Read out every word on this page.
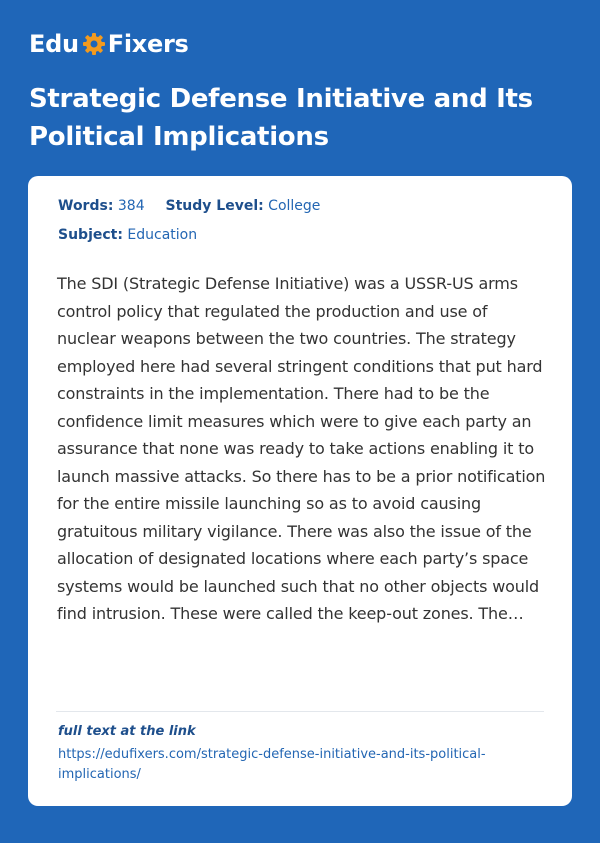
Edu Fixers
Strategic Defense Initiative and Its Political Implications
Words: 384 Study Level: College
Subject: Education

The SDI (Strategic Defense Initiative) was a USSR-US arms control policy that regulated the production and use of nuclear weapons between the two countries. The strategy employed here had several stringent conditions that put hard constraints in the implementation. There had to be the confidence limit measures which were to give each party an assurance that none was ready to take actions enabling it to launch massive attacks. So there has to be a prior notification for the entire missile launching so as to avoid causing gratuitous military vigilance. There was also the issue of the allocation of designated locations where each party’s space systems would be launched such that no other objects would find intrusion. These were called the keep-out zones. The…

full text at the link
https://edufixers.com/strategic-defense-initiative-and-its-political-implications/
